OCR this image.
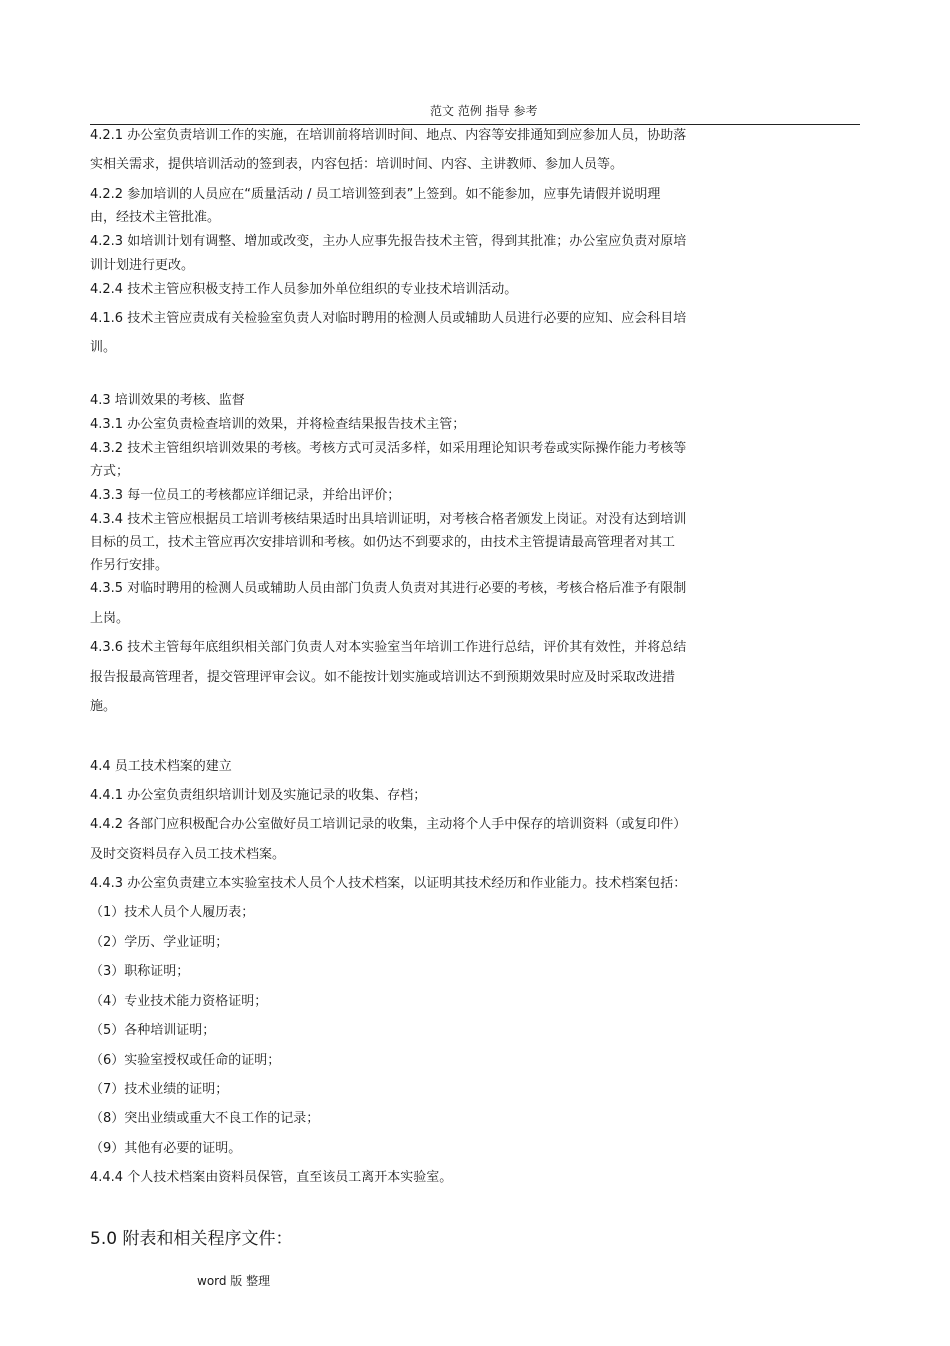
范文 范例 指导 参考
4.2.1 办公室负责培训工作的实施，在培训前将培训时间、地点、内容等安排通知到应参加人员，协助落
实相关需求，提供培训活动的签到表，内容包括：培训时间、内容、主讲教师、参加人员等。
4.2.2 参加培训的人员应在“质量活动 / 员工培训签到表”上签到。如不能参加，应事先请假并说明理
由，经技术主管批准。
4.2.3 如培训计划有调整、增加或改变，主办人应事先报告技术主管，得到其批准；办公室应负责对原培
训计划进行更改。
4.2.4 技术主管应积极支持工作人员参加外单位组织的专业技术培训活动。
4.1.6 技术主管应责成有关检验室负责人对临时聘用的检测人员或辅助人员进行必要的应知、应会科目培
训。
4.3 培训效果的考核、监督
4.3.1 办公室负责检查培训的效果，并将检查结果报告技术主管；
4.3.2 技术主管组织培训效果的考核。考核方式可灵活多样，如采用理论知识考卷或实际操作能力考核等
方式；
4.3.3 每一位员工的考核都应详细记录，并给出评价；
4.3.4 技术主管应根据员工培训考核结果适时出具培训证明，对考核合格者颁发上岗证。对没有达到培训
目标的员工，技术主管应再次安排培训和考核。如仍达不到要求的，由技术主管提请最高管理者对其工
作另行安排。
4.3.5 对临时聘用的检测人员或辅助人员由部门负责人负责对其进行必要的考核，考核合格后准予有限制
上岗。
4.3.6 技术主管每年底组织相关部门负责人对本实验室当年培训工作进行总结，评价其有效性，并将总结
报告报最高管理者，提交管理评审会议。如不能按计划实施或培训达不到预期效果时应及时采取改进措
施。
4.4 员工技术档案的建立
4.4.1 办公室负责组织培训计划及实施记录的收集、存档；
4.4.2 各部门应积极配合办公室做好员工培训记录的收集，主动将个人手中保存的培训资料（或复印件）
及时交资料员存入员工技术档案。
4.4.3 办公室负责建立本实验室技术人员个人技术档案，以证明其技术经历和作业能力。技术档案包括：
（1）技术人员个人履历表；
（2）学历、学业证明；
（3）职称证明；
（4）专业技术能力资格证明；
（5）各种培训证明；
（6）实验室授权或任命的证明；
（7）技术业绩的证明；
（8）突出业绩或重大不良工作的记录；
（9）其他有必要的证明。
4.4.4 个人技术档案由资料员保管，直至该员工离开本实验室。
5.0 附表和相关程序文件：
word 版 整理
